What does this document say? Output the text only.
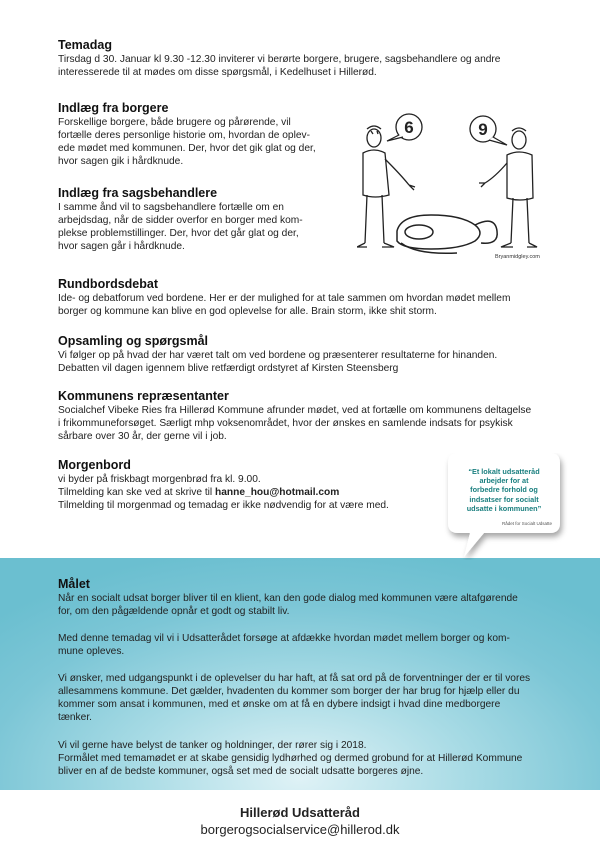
Temadag

Tirsdag d 30. Januar kl 9.30 -12.30 inviterer vi berørte borgere, brugere, sagsbehandlere og andre
interesserede til at mødes om disse spørgsmål, i Kedelhuset i Hillerød.

Indlæg fra borgere

Forskellige borgere, både brugere og pårørende, vil
fortælle deres personlige historie om, hvordan de oplev-
ede mødet med kommunen. Der, hvor det gik glat og der,
hvor sagen gik i hårdknude.

Indlæg fra sagsbehandlere

I samme ånd vil to sagsbehandlere fortælle om en
arbejdsdag, når de sidder overfor en borger med kom-
plekse problemstillinger. Der, hvor det går glat og der,
hvor sagen går i hårdknude.

6	9
Bryanmidgley.com
Rundbordsdebat

Ide- og debatforum ved bordene. Her er der mulighed for at tale sammen om hvordan mødet mellem
borger og kommune kan blive en god oplevelse for alle. Brain storm, ikke shit storm.

Opsamling og spørgsmål

Vi følger op på hvad der har været talt om ved bordene og præsenterer resultaterne for hinanden.
Debatten vil dagen igennem blive retfærdigt ordstyret af Kirsten Steensberg

Kommunens repræsentanter

Socialchef Vibeke Ries fra Hillerød Kommune afrunder mødet, ved at fortælle om kommunens deltagelse
i frikommuneforsøget. Særligt mhp voksenområdet, hvor der ønskes en samlende indsats for psykisk
sårbare over 30 år, der gerne vil i job.

Morgenbord

vi byder på friskbagt morgenbrød fra kl. 9.00.

Tilmelding kan ske ved at skrive til hanne_hou@hotmail.com

Tilmelding til morgenmad og temadag er ikke nødvendig for at være med.

“Et lokalt udsatteråd
arbejder for at
forbedre forhold og
indsatser for socialt
udsatte i kommunen”
Rådet for Socialt Udsatte
Målet

Når en socialt udsat borger bliver til en klient, kan den gode dialog med kommunen være altafgørende
for, om den pågældende opnår et godt og stabilt liv.

Med denne temadag vil vi i Udsatterådet forsøge at afdække hvordan mødet mellem borger og kom-
mune opleves.

Vi ønsker, med udgangspunkt i de oplevelser du har haft, at få sat ord på de forventninger der er til vores
allesammens kommune. Det gælder, hvadenten du kommer som borger der har brug for hjælp eller du
kommer som ansat i kommunen, med et ønske om at få en dybere indsigt i hvad dine medborgere
tænker.

Vi vil gerne have belyst de tanker og holdninger, der rører sig i 2018.
Formålet med temamødet er at skabe gensidig lydhørhed og dermed grobund for at Hillerød Kommune
bliver en af de bedste kommuner, også set med de socialt udsatte borgeres øjne.

Hillerød Udsatteråd
borgerogsocialservice@hillerod.dk
